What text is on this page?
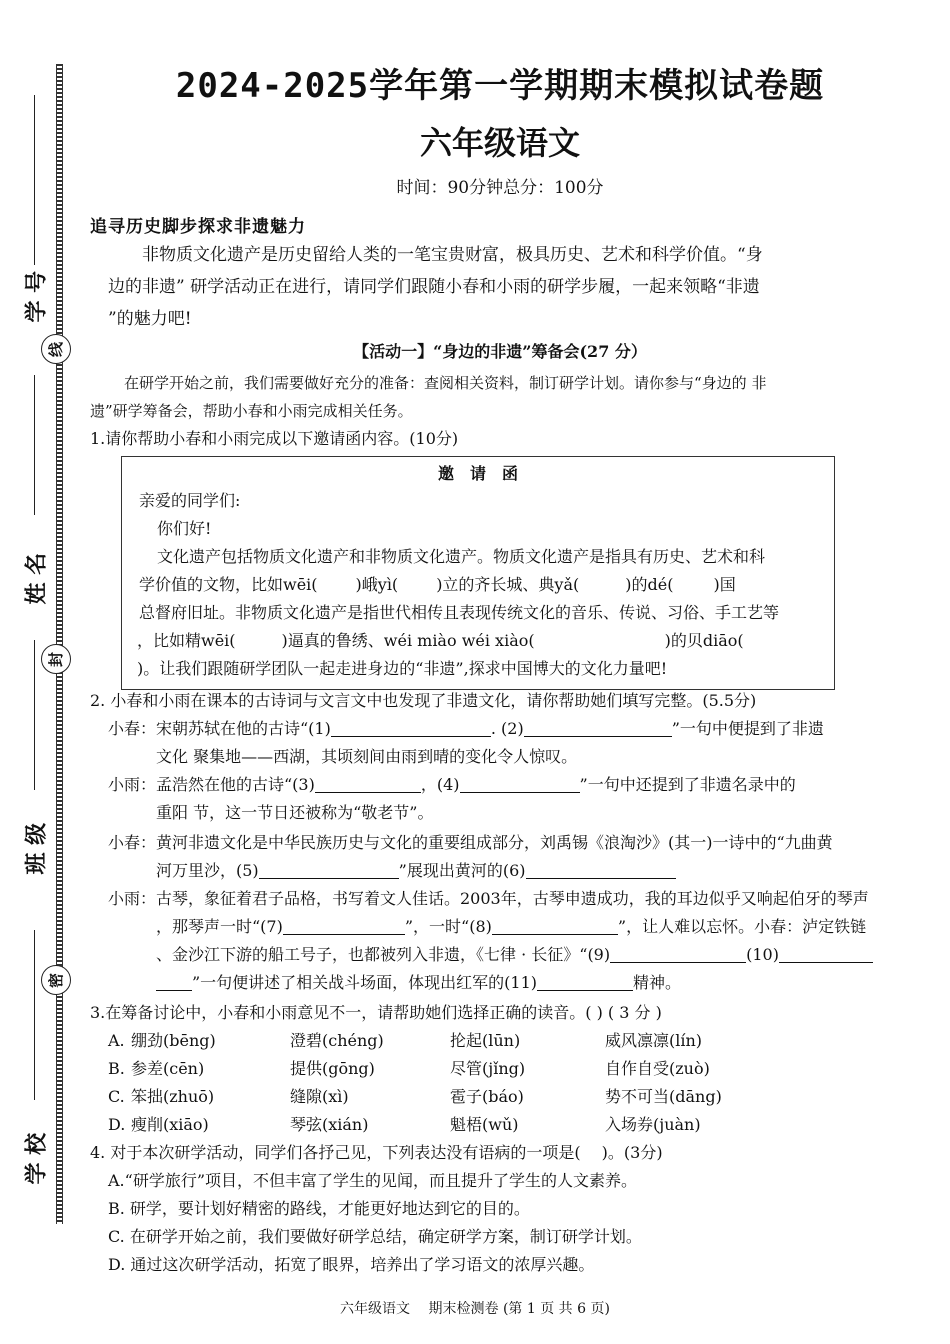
学 号
姓 名
班 级
学 校
线
封
密
2024-2025学年第一学期期末模拟试卷题
六年级语文
时间：90分钟总分：100分
追寻历史脚步探求非遗魅力
非物质文化遗产是历史留给人类的一笔宝贵财富，极具历史、艺术和科学价值。“身
边的非遗” 研学活动正在进行，请同学们跟随小春和小雨的研学步履，一起来领略“非遗
”的魅力吧!
【活动一】“身边的非遗”筹备会(27 分）
在研学开始之前，我们需要做好充分的准备：查阅相关资料，制订研学计划。请你参与“身边的 非
遗”研学筹备会，帮助小春和小雨完成相关任务。
1.请你帮助小春和小雨完成以下邀请函内容。(10分)
邀　请　函
亲爱的同学们:
你们好!
文化遗产包括物质文化遗产和非物质文化遗产。物质文化遗产是指具有历史、艺术和科
学价值的文物，比如wēi( )峨yì( )立的齐长城、典yǎ(	)的dé(	)国
总督府旧址。非物质文化遗产是指世代相传且表现传统文化的音乐、传说、习俗、手工艺等
，比如精wēi(	)逼真的鲁绣、wéi miào wéi xiào(	)的贝diāo(
)。让我们跟随研学团队一起走进身边的“非遗”,探求中国博大的文化力量吧!
2. 小春和小雨在课本的古诗词与文言文中也发现了非遗文化，请你帮助她们填写完整。(5.5分)
小春：宋朝苏轼在他的古诗“(1)	. (2)	”一句中便提到了非遗
文化 聚集地——西湖，其顷刻间由雨到晴的变化令人惊叹。
小雨：孟浩然在他的古诗“(3)	，(4)	”一句中还提到了非遗名录中的
重阳 节，这一节日还被称为“敬老节”。
小春：黄河非遗文化是中华民族历史与文化的重要组成部分，刘禹锡《浪淘沙》(其一)一诗中的“九曲黄
河万里沙，(5)	”展现出黄河的(6)
小雨：古琴，象征着君子品格，书写着文人佳话。2003年，古琴申遗成功，我的耳边似乎又响起伯牙的琴声
，那琴声一时“(7)	”，一时“(8)	”，让人难以忘怀。小春：泸定铁链
、金沙江下游的船工号子，也都被列入非遗，《七律 · 长征》“(9)	(10)
”一句便讲述了相关战斗场面，体现出红军的(11)	精神。
3.在筹备讨论中，小春和小雨意见不一，请帮助她们选择正确的读音。( ) ( 3 分 )
A. 绷劲(bēng)	澄碧(chéng)	抡起(lūn)	威风凛凛(lín)
B. 参差(cēn)	提供(gōng)	尽管(jǐng)	自作自受(zuò)
C. 笨拙(zhuō)	缝隙(xì)	雹子(báo)	势不可当(dāng)
D. 瘦削(xiāo)	琴弦(xián)	魁梧(wǔ)	入场券(juàn)
4. 对于本次研学活动，同学们各抒己见，下列表达没有语病的一项是(　 )。(3分)
A.“研学旅行”项目，不但丰富了学生的见闻，而且提升了学生的人文素养。
B. 研学，要计划好精密的路线，才能更好地达到它的目的。
C. 在研学开始之前，我们要做好研学总结，确定研学方案，制订研学计划。
D. 通过这次研学活动，拓宽了眼界，培养出了学习语文的浓厚兴趣。
六年级语文　 期末检测卷 (第 1 页 共 6 页)
